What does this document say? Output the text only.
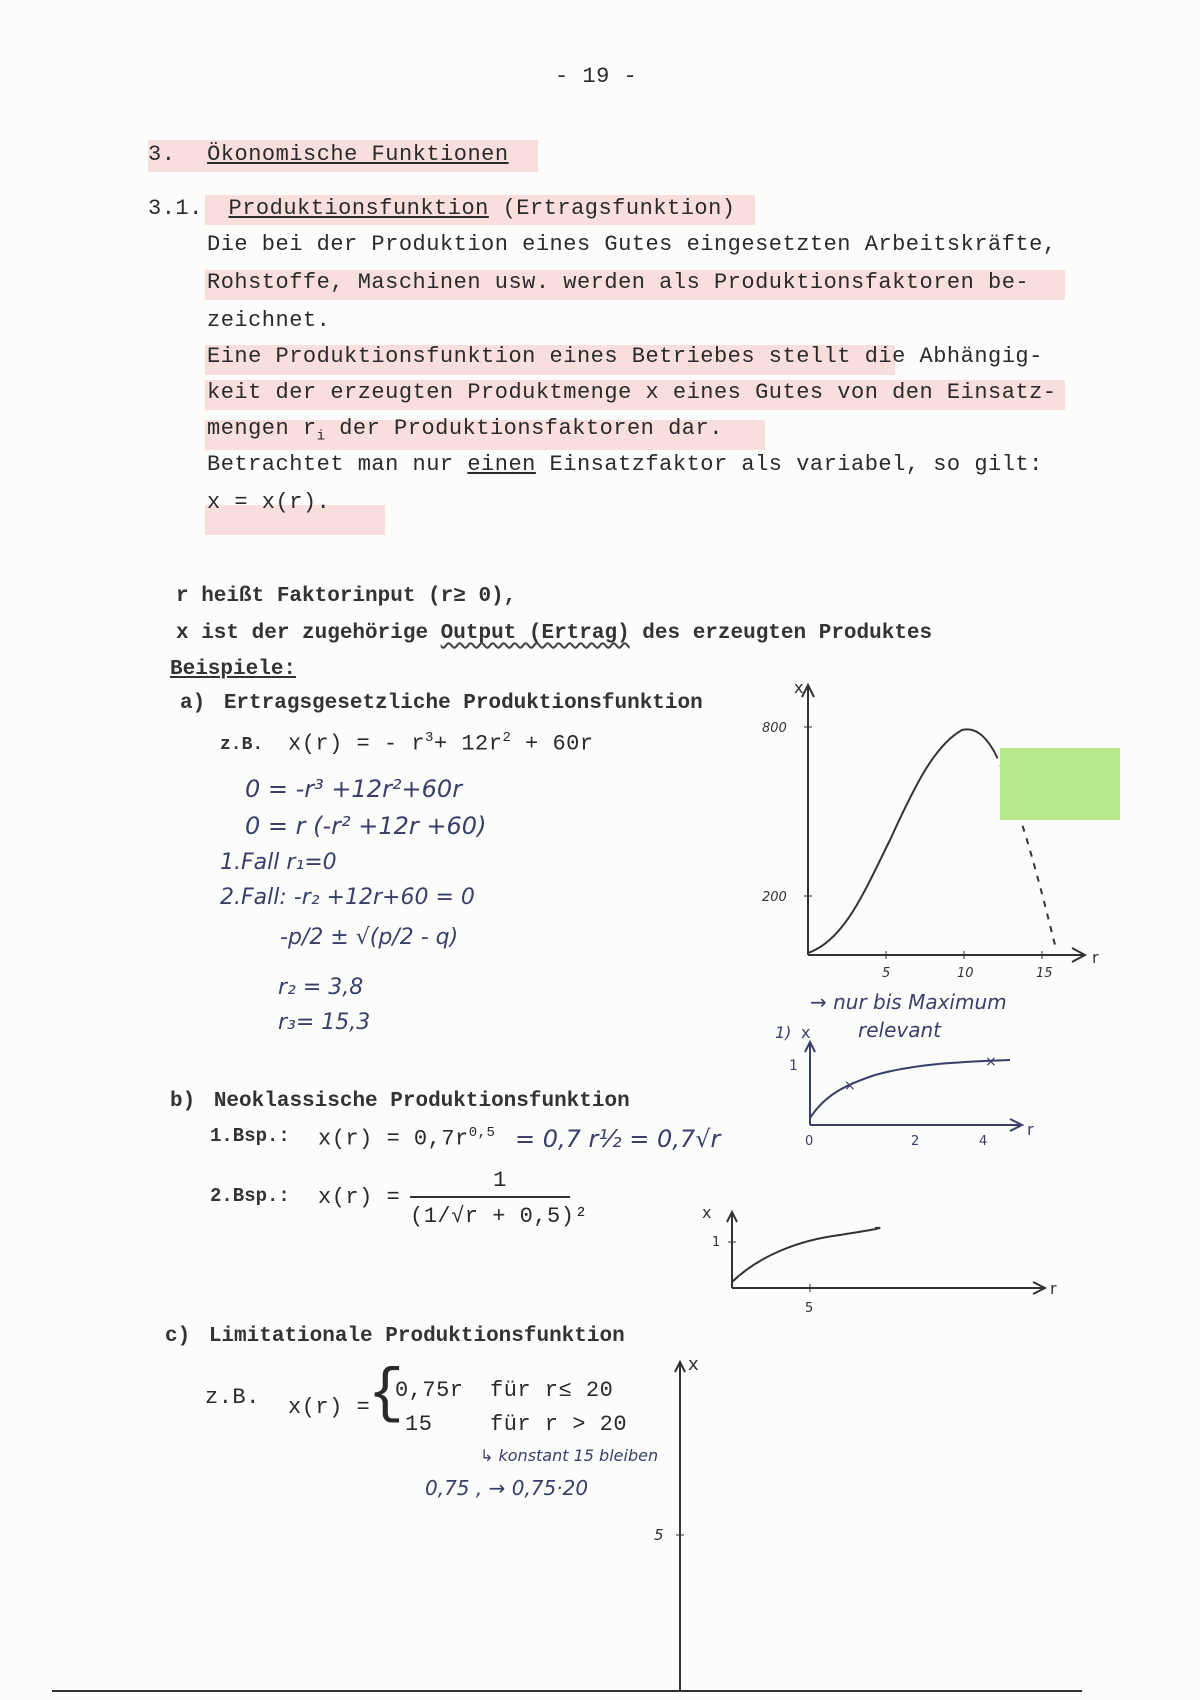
- 19 -
3. Ökonomische Funktionen
3.1. Produktionsfunktion (Ertragsfunktion)
Die bei der Produktion eines Gutes eingesetzten Arbeitskräfte,
Rohstoffe, Maschinen usw. werden als Produktionsfaktoren be-
zeichnet.
Eine Produktionsfunktion eines Betriebes stellt die Abhängig-
keit der erzeugten Produktmenge x eines Gutes von den Einsatz-
mengen $r_i$ der Produktionsfaktoren dar.
Betrachtet man nur einen Einsatzfaktor als variabel, so gilt:
x = x(r).
r heißt Faktorinput (r≥ 0),
x ist der zugehörige Output (Ertrag) des erzeugten Produktes
Beispiele:
a) Ertragsgesetzliche Produktionsfunktion
z.B. x(r) = - $r^3+ 12r^2 + 60r$
0 = -r³ +12r²+60r
0 = r (-r² +12r +60)
1.Fall r₁=0
2.Fall: -r₂ +12r+60 = 0
-p/2 ± √(p/2 - q)
r₂ = 3,8
r₃= 15,3
→ nur bis Maximum
relevant
x
r
800
200
5	10	15
1) x
r
1
0	2	4
×
×
b) Neoklassische Produktionsfunktion
1.Bsp.: $x(r) = 0,7r^{0,5} = 0,7$ r½ = 0,7√r
2.Bsp.: x(r) =
1
(1/√r + 0,5)²	x
r
1
5
c) Limitationale Produktionsfunktion
z.B. x(r) =
{
0,75r für r≤ 20
15	für r > 20
↳ konstant 15 bleiben
0,75 , → 0,75·20
x
5
